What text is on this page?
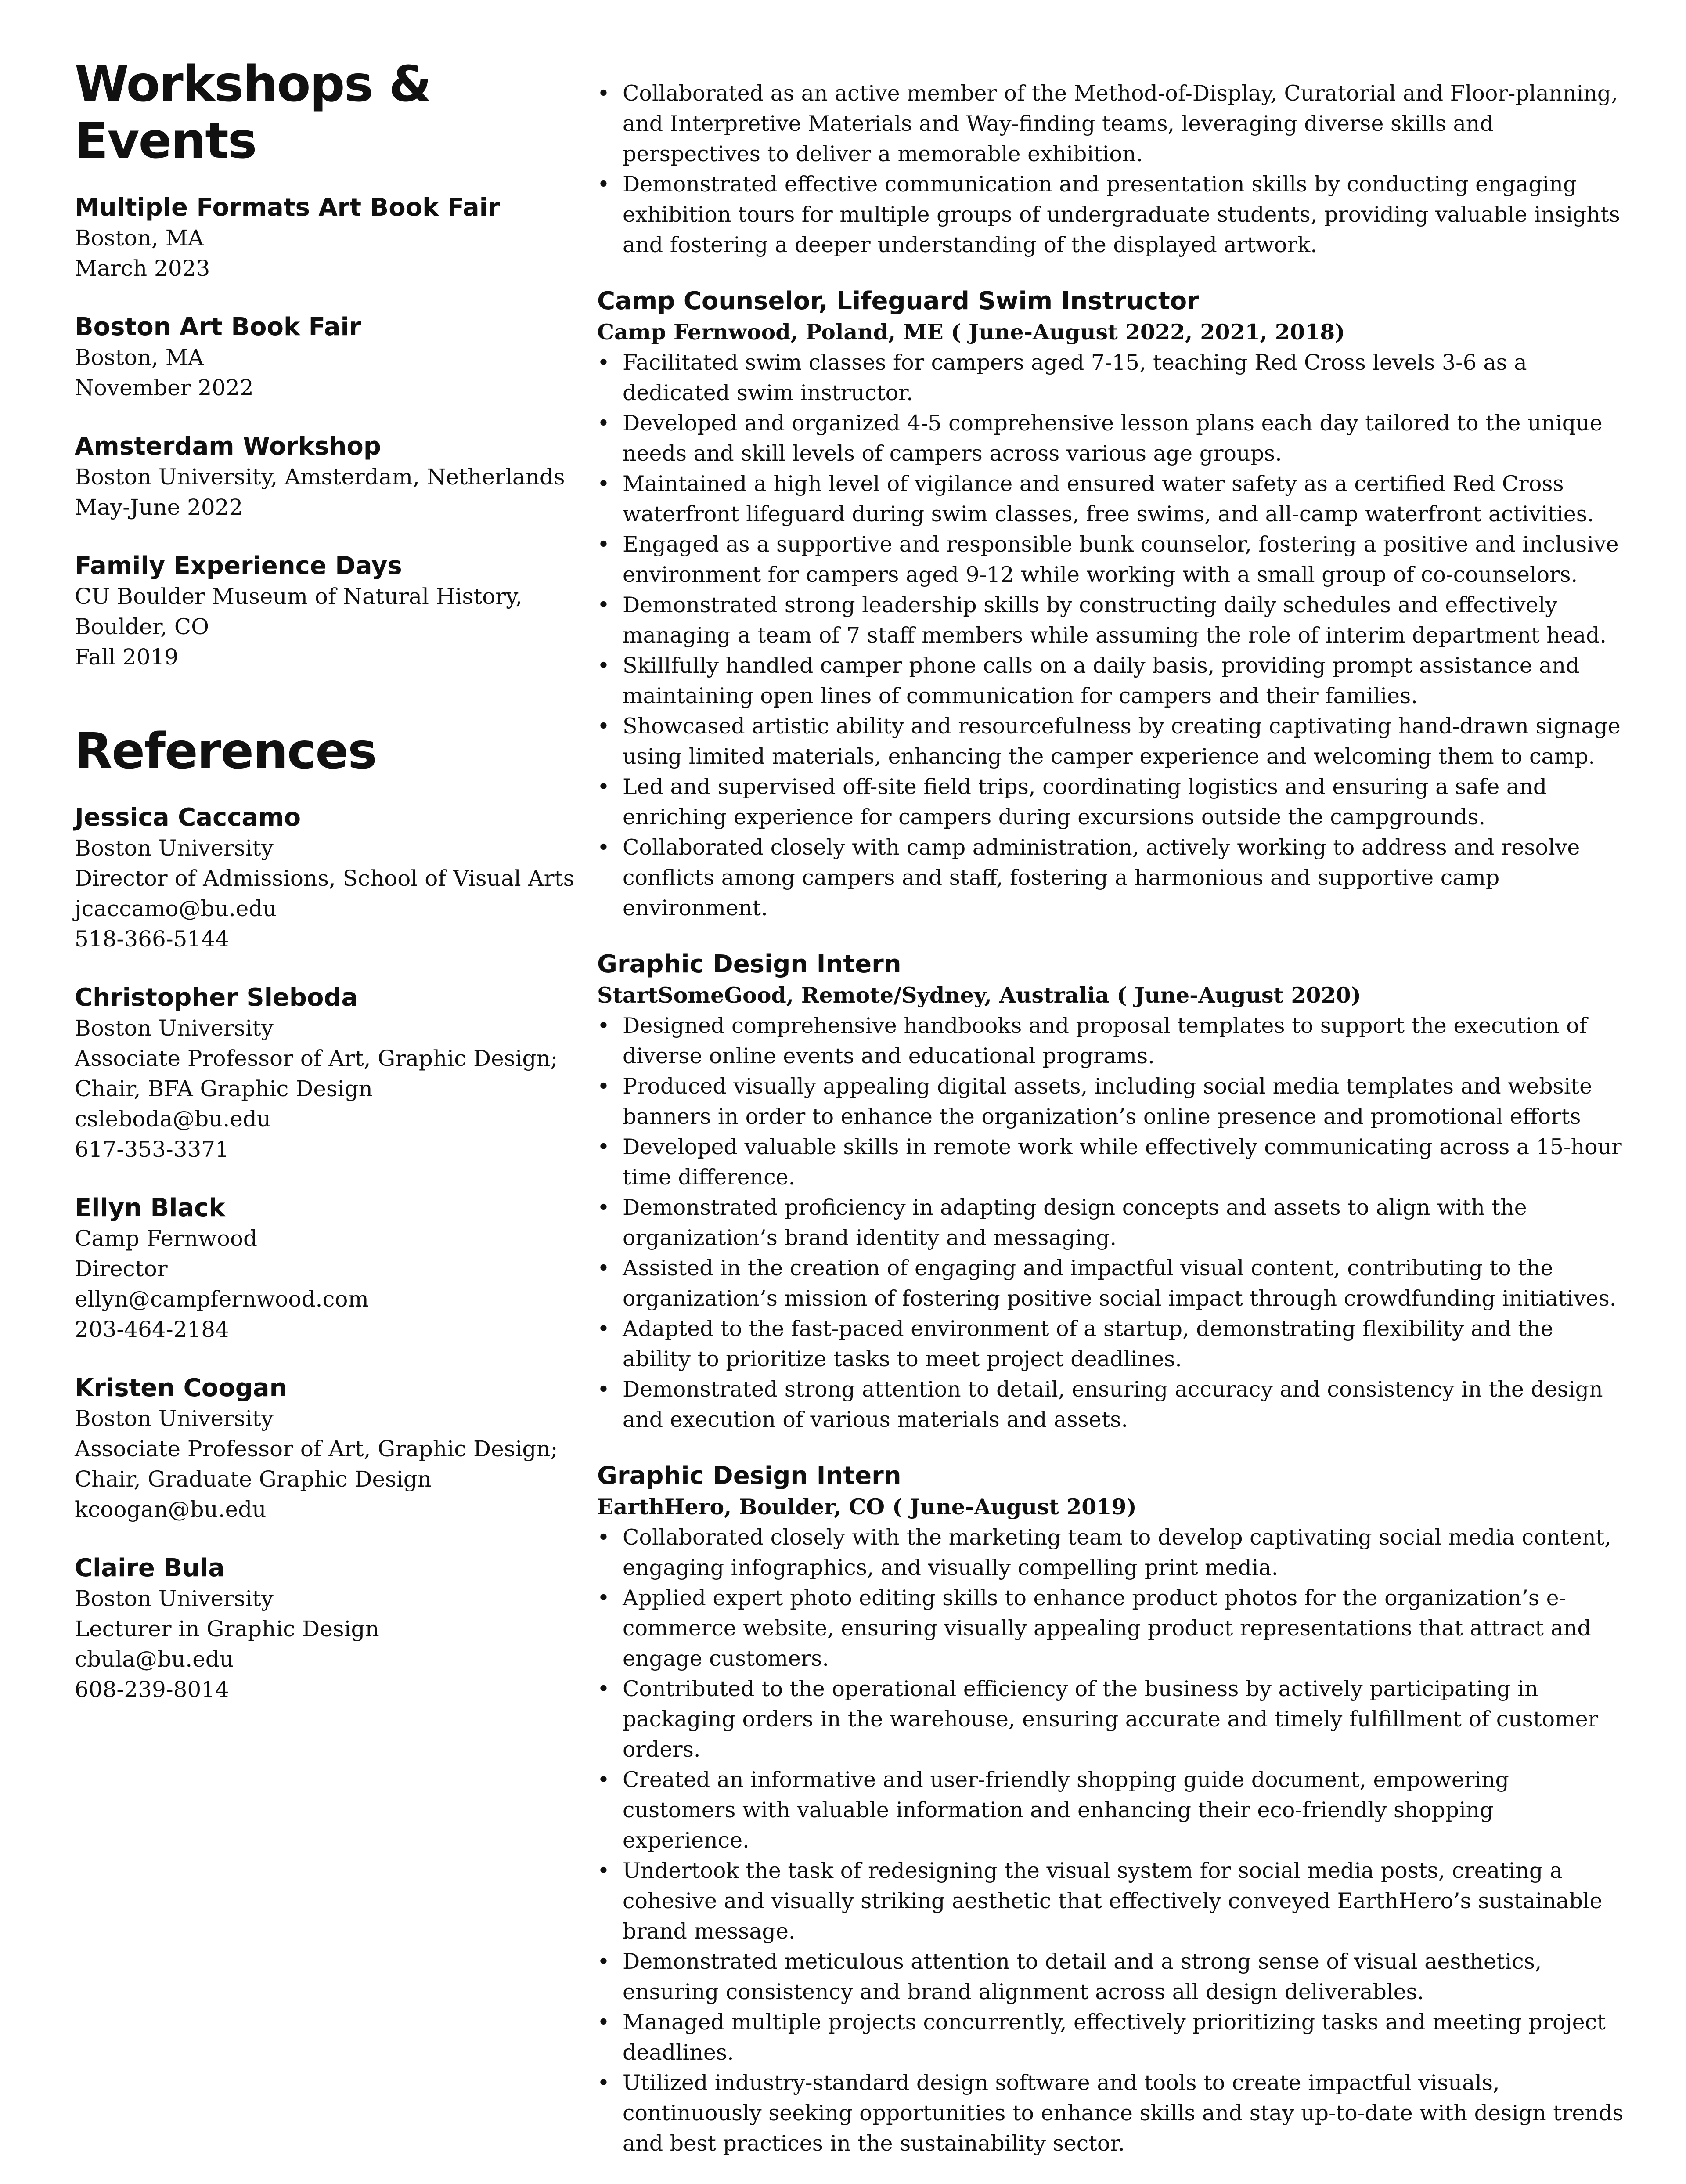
Workshops & Events

Multiple Formats Art Book Fair

Boston, MA

March 2023

Boston Art Book Fair

Boston, MA

November 2022

Amsterdam Workshop

Boston University, Amsterdam, Netherlands

May-June 2022

Family Experience Days

CU Boulder Museum of Natural History,

Boulder, CO

Fall 2019

References

Jessica Caccamo

Boston University

Director of Admissions, School of Visual Arts

jcaccamo@bu.edu

518-366-5144

Christopher Sleboda

Boston University

Associate Professor of Art, Graphic Design;

Chair, BFA Graphic Design

csleboda@bu.edu

617-353-3371

Ellyn Black

Camp Fernwood

Director

ellyn@campfernwood.com

203-464-2184

Kristen Coogan

Boston University

Associate Professor of Art, Graphic Design;

Chair, Graduate Graphic Design

kcoogan@bu.edu

Claire Bula

Boston University

Lecturer in Graphic Design

cbula@bu.edu

608-239-8014

• Collaborated as an active member of the Method-of-Display, Curatorial and Floor-planning, and Interpretive Materials and Way-finding teams, leveraging diverse skills and perspectives to deliver a memorable exhibition.
• Demonstrated effective communication and presentation skills by conducting engaging exhibition tours for multiple groups of undergraduate students, providing valuable insights and fostering a deeper understanding of the displayed artwork.

Camp Counselor, Lifeguard Swim Instructor

Camp Fernwood, Poland, ME ( June-August 2022, 2021, 2018)

• Facilitated swim classes for campers aged 7-15, teaching Red Cross levels 3-6 as a dedicated swim instructor.
• Developed and organized 4-5 comprehensive lesson plans each day tailored to the unique needs and skill levels of campers across various age groups.
• Maintained a high level of vigilance and ensured water safety as a certified Red Cross waterfront lifeguard during swim classes, free swims, and all-camp waterfront activities.
• Engaged as a supportive and responsible bunk counselor, fostering a positive and inclusive environment for campers aged 9-12 while working with a small group of co-counselors.
• Demonstrated strong leadership skills by constructing daily schedules and effectively managing a team of 7 staff members while assuming the role of interim department head.
• Skillfully handled camper phone calls on a daily basis, providing prompt assistance and maintaining open lines of communication for campers and their families.
• Showcased artistic ability and resourcefulness by creating captivating hand-drawn signage using limited materials, enhancing the camper experience and welcoming them to camp.
• Led and supervised off-site field trips, coordinating logistics and ensuring a safe and enriching experience for campers during excursions outside the campgrounds.
• Collaborated closely with camp administration, actively working to address and resolve conflicts among campers and staff, fostering a harmonious and supportive camp environment.

Graphic Design Intern

StartSomeGood, Remote/Sydney, Australia ( June-August 2020)

• Designed comprehensive handbooks and proposal templates to support the execution of diverse online events and educational programs.
• Produced visually appealing digital assets, including social media templates and website banners in order to enhance the organization’s online presence and promotional efforts
• Developed valuable skills in remote work while effectively communicating across a 15-hour time difference.
• Demonstrated proficiency in adapting design concepts and assets to align with the organization’s brand identity and messaging.
• Assisted in the creation of engaging and impactful visual content, contributing to the organization’s mission of fostering positive social impact through crowdfunding initiatives.
• Adapted to the fast-paced environment of a startup, demonstrating flexibility and the ability to prioritize tasks to meet project deadlines.
• Demonstrated strong attention to detail, ensuring accuracy and consistency in the design and execution of various materials and assets.

Graphic Design Intern

EarthHero, Boulder, CO ( June-August 2019)

• Collaborated closely with the marketing team to develop captivating social media content, engaging infographics, and visually compelling print media.
• Applied expert photo editing skills to enhance product photos for the organization’s e-commerce website, ensuring visually appealing product representations that attract and engage customers.
• Contributed to the operational efficiency of the business by actively participating in packaging orders in the warehouse, ensuring accurate and timely fulfillment of customer orders.
• Created an informative and user-friendly shopping guide document, empowering customers with valuable information and enhancing their eco-friendly shopping experience.
• Undertook the task of redesigning the visual system for social media posts, creating a cohesive and visually striking aesthetic that effectively conveyed EarthHero’s sustainable brand message.
• Demonstrated meticulous attention to detail and a strong sense of visual aesthetics, ensuring consistency and brand alignment across all design deliverables.
• Managed multiple projects concurrently, effectively prioritizing tasks and meeting project deadlines.
• Utilized industry-standard design software and tools to create impactful visuals, continuously seeking opportunities to enhance skills and stay up-to-date with design trends and best practices in the sustainability sector.
